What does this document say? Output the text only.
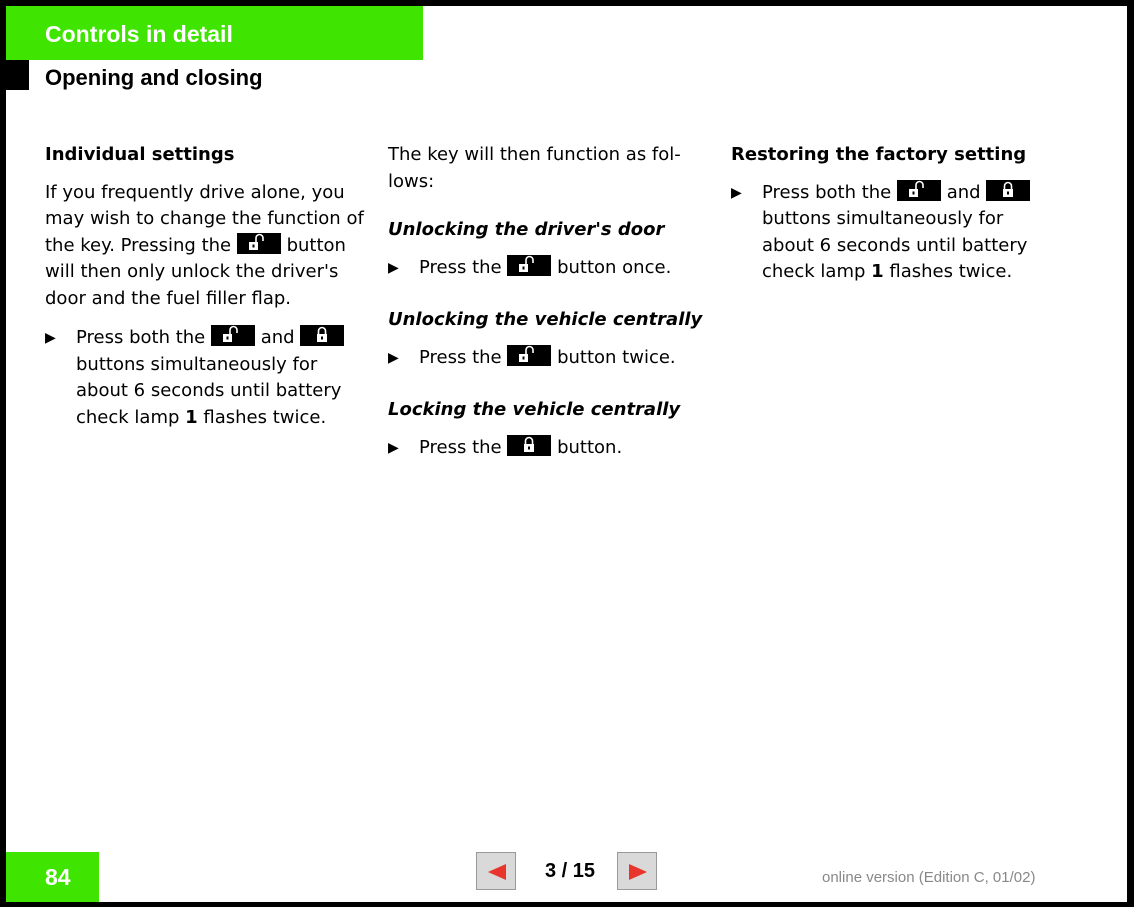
Controls in detail
Opening and closing

Individual settings

If you frequently drive alone, you may wish to change the function of the key. Pressing the
button will then only unlock the driver's door and the fuel filler flap.

▶ Press both the
and
buttons simultaneously for about 6 seconds until battery check lamp 1 flashes twice.

The key will then function as fol-lows:

Unlocking the driver's door

▶ Press the
button once.

Unlocking the vehicle centrally

▶ Press the
button twice.

Locking the vehicle centrally

▶ Press the
button.

Restoring the factory setting

▶ Press both the
and
buttons simultaneously for about 6 seconds until battery check lamp 1 flashes twice.

84	3 / 15	online version (Edition C, 01/02)
